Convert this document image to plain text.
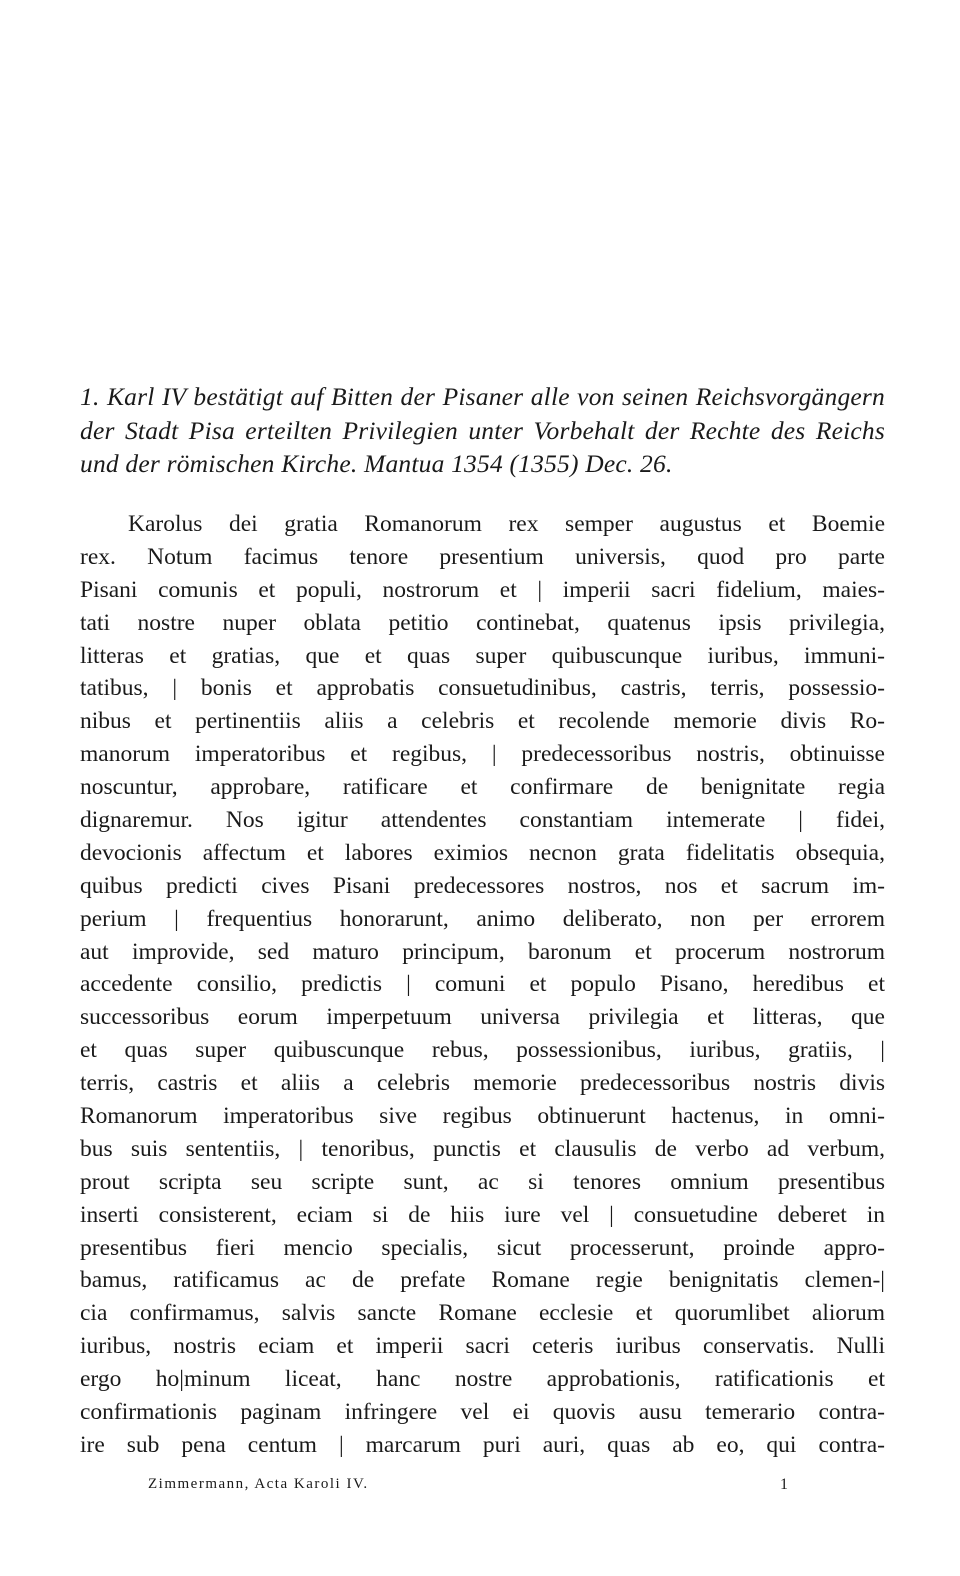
1. Karl IV bestätigt auf Bitten der Pisaner alle von seinen Reichsvorgängern der Stadt Pisa erteilten Privilegien unter Vorbehalt der Rechte des Reichs und der römischen Kirche. Mantua 1354 (1355) Dec. 26.
Karolus dei gratia Romanorum rex semper augustus et Boemie
rex. Notum facimus tenore presentium universis, quod pro parte
Pisani comunis et populi, nostrorum et | imperii sacri fidelium, maies-
tati nostre nuper oblata petitio continebat, quatenus ipsis privilegia,
litteras et gratias, que et quas super quibuscunque iuribus, immuni-
tatibus, | bonis et approbatis consuetudinibus, castris, terris, possessio-
nibus et pertinentiis aliis a celebris et recolende memorie divis Ro-
manorum imperatoribus et regibus, | predecessoribus nostris, obtinuisse
noscuntur, approbare, ratificare et confirmare de benignitate regia
dignaremur. Nos igitur attendentes constantiam intemerate | fidei,
devocionis affectum et labores eximios necnon grata fidelitatis obsequia,
quibus predicti cives Pisani predecessores nostros, nos et sacrum im-
perium | frequentius honorarunt, animo deliberato, non per errorem
aut improvide, sed maturo principum, baronum et procerum nostrorum
accedente consilio, predictis | comuni et populo Pisano, heredibus et
successoribus eorum imperpetuum universa privilegia et litteras, que
et quas super quibuscunque rebus, possessionibus, iuribus, gratiis, |
terris, castris et aliis a celebris memorie predecessoribus nostris divis
Romanorum imperatoribus sive regibus obtinuerunt hactenus, in omni-
bus suis sententiis, | tenoribus, punctis et clausulis de verbo ad verbum,
prout scripta seu scripte sunt, ac si tenores omnium presentibus
inserti consisterent, eciam si de hiis iure vel | consuetudine deberet in
presentibus fieri mencio specialis, sicut processerunt, proinde appro-
bamus, ratificamus ac de prefate Romane regie benignitatis clemen-|
cia confirmamus, salvis sancte Romane ecclesie et quorumlibet aliorum
iuribus, nostris eciam et imperii sacri ceteris iuribus conservatis. Nulli
ergo ho|minum liceat, hanc nostre approbationis, ratificationis et
confirmationis paginam infringere vel ei quovis ausu temerario contra-
ire sub pena centum | marcarum puri auri, quas ab eo, qui contra-
Zimmermann, Acta Karoli IV.	1
